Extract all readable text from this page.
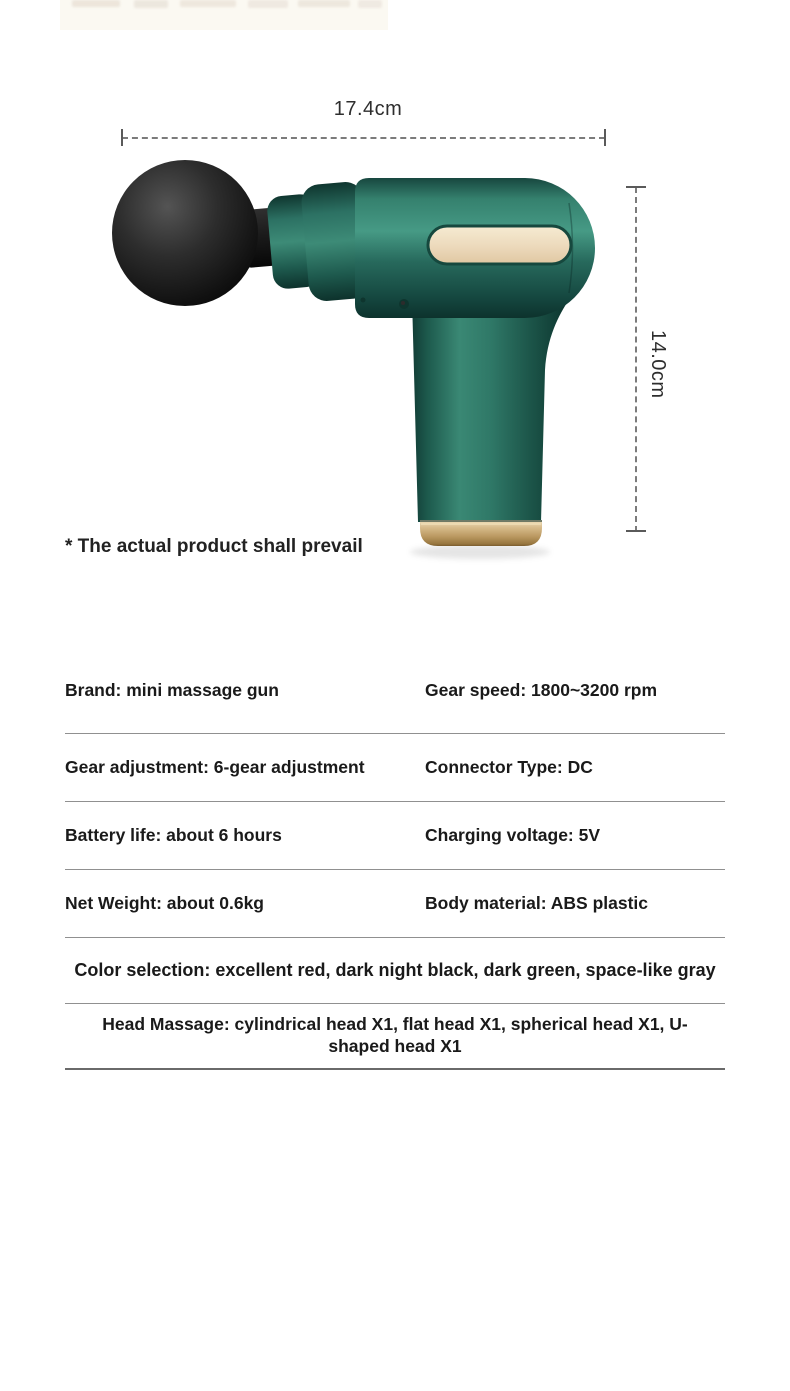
17.4cm
14.0cm
* The actual product shall prevail
Brand: mini massage gun	Gear speed: 1800~3200 rpm
Gear adjustment: 6-gear adjustment	Connector Type: DC
Battery life: about 6 hours	Charging voltage: 5V
Net Weight: about 0.6kg	Body material: ABS plastic
Color selection: excellent red, dark night black, dark green, space-like gray
Head Massage: cylindrical head X1, flat head X1, spherical head X1, U-shaped head X1
